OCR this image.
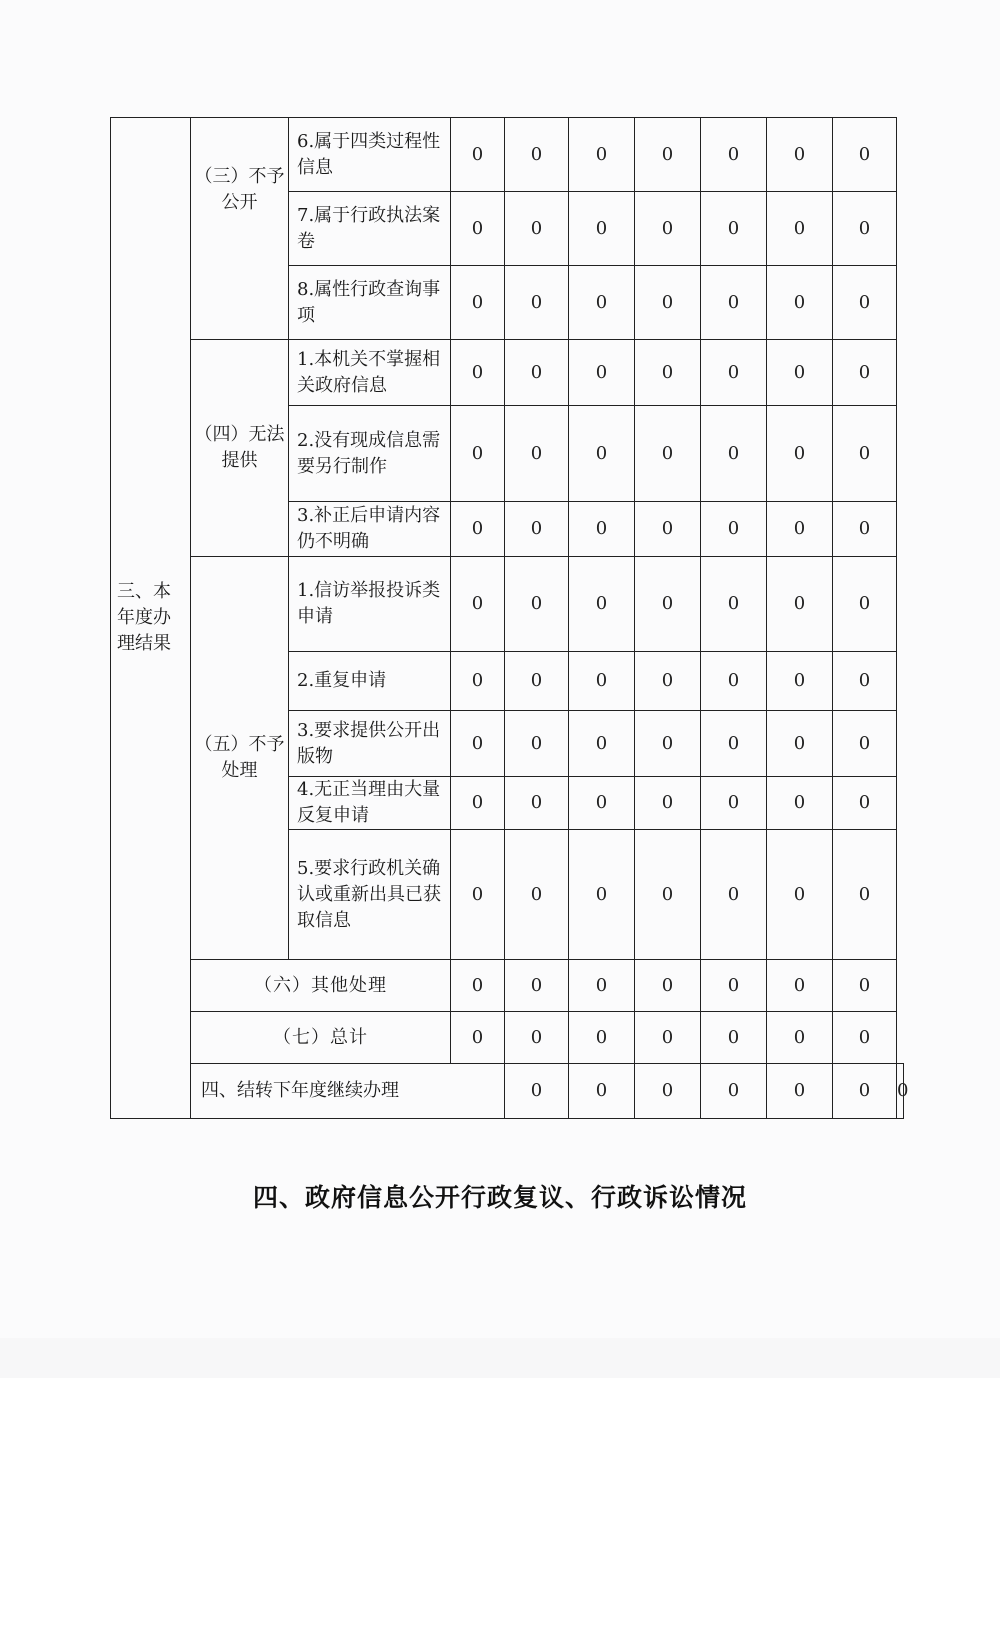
三、本年度办理结果	（三）不予公开	6.属于四类过程性信息	0	0	0	0	0	0	0	
		7.属于行政执法案卷	0	0	0	0	0	0	0	
		8.属性行政查询事项	0	0	0	0	0	0	0	
	（四）无法提供	1.本机关不掌握相关政府信息	0	0	0	0	0	0	0	
		2.没有现成信息需要另行制作	0	0	0	0	0	0	0	
		3.补正后申请内容仍不明确	0	0	0	0	0	0	0	
	（五）不予处理	1.信访举报投诉类申请	0	0	0	0	0	0	0	
		2.重复申请	0	0	0	0	0	0	0	
		3.要求提供公开出版物	0	0	0	0	0	0	0	
		4.无正当理由大量反复申请	0	0	0	0	0	0	0	
		5.要求行政机关确认或重新出具已获取信息	0	0	0	0	0	0	0	
	（六）其他处理		0	0	0	0	0	0	0	
	（七）总计		0	0	0	0	0	0	0	
	四、结转下年度继续办理			0	0	0	0	0	0	0
四、政府信息公开行政复议、行政诉讼情况
